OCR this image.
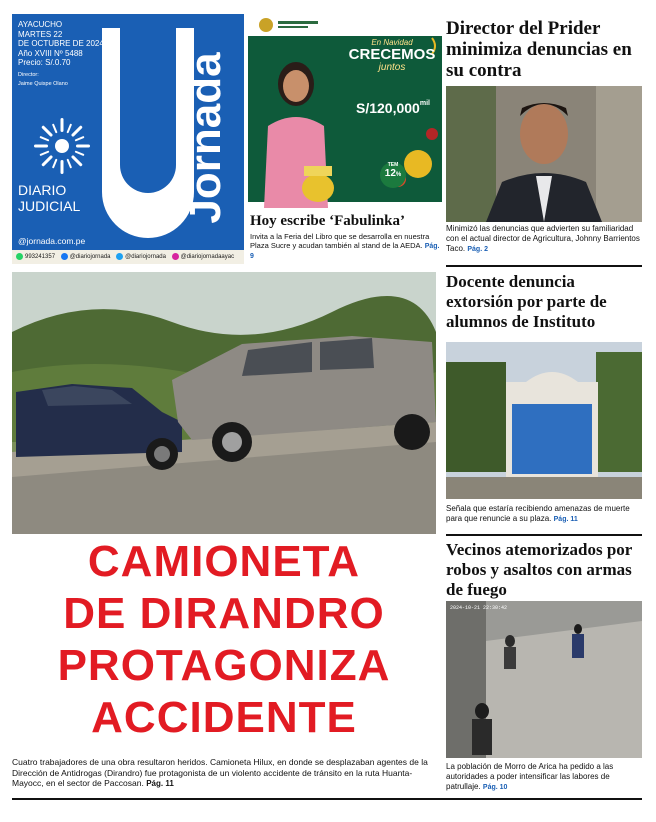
AYACUCHO
MARTES 22
DE OCTUBRE DE 2024
Año XVIII Nº 5488
Precio: S/.0.70
Director:
Jaime Quispe Olano	Jornada
DIARIO
JUDICIAL
@jornada.com.pe
993241357 @diariojornada @diariojornada @diariojornadaayac
En Navidad
CRECEMOS
juntos
$S/120,000^{mil}$
TEM
12%
Hoy escribe ‘Fabulinka’
Invita a la Feria del Libro que se desarrolla en nuestra Plaza Sucre y acudan también al stand de la AEDA. Pág. 9
Director del Prider minimiza denuncias en su contra
Minimizó las denuncias que advierten su familiaridad con el actual director de Agricultura, Johnny Barrientos Taco. Pág. 2
Docente denuncia extorsión por parte de alumnos de Instituto
Señala que estaría recibiendo amenazas de muerte para que renuncie a su plaza. Pág. 11
Vecinos atemorizados por robos y asaltos con armas de fuego
2024-10-21 22:30:42
La población de Morro de Arica ha pedido a las autoridades a poder intensificar las labores de patrullaje. Pág. 10
CAMIONETA
DE DIRANDRO
PROTAGONIZA
ACCIDENTE
Cuatro trabajadores de una obra resultaron heridos. Camioneta Hilux, en donde se desplazaban agentes de la Dirección de Antidrogas (Dirandro) fue protagonista de un violento accidente de tránsito en la ruta Huanta- Mayocc, en el sector de Paccosan. Pág. 11
